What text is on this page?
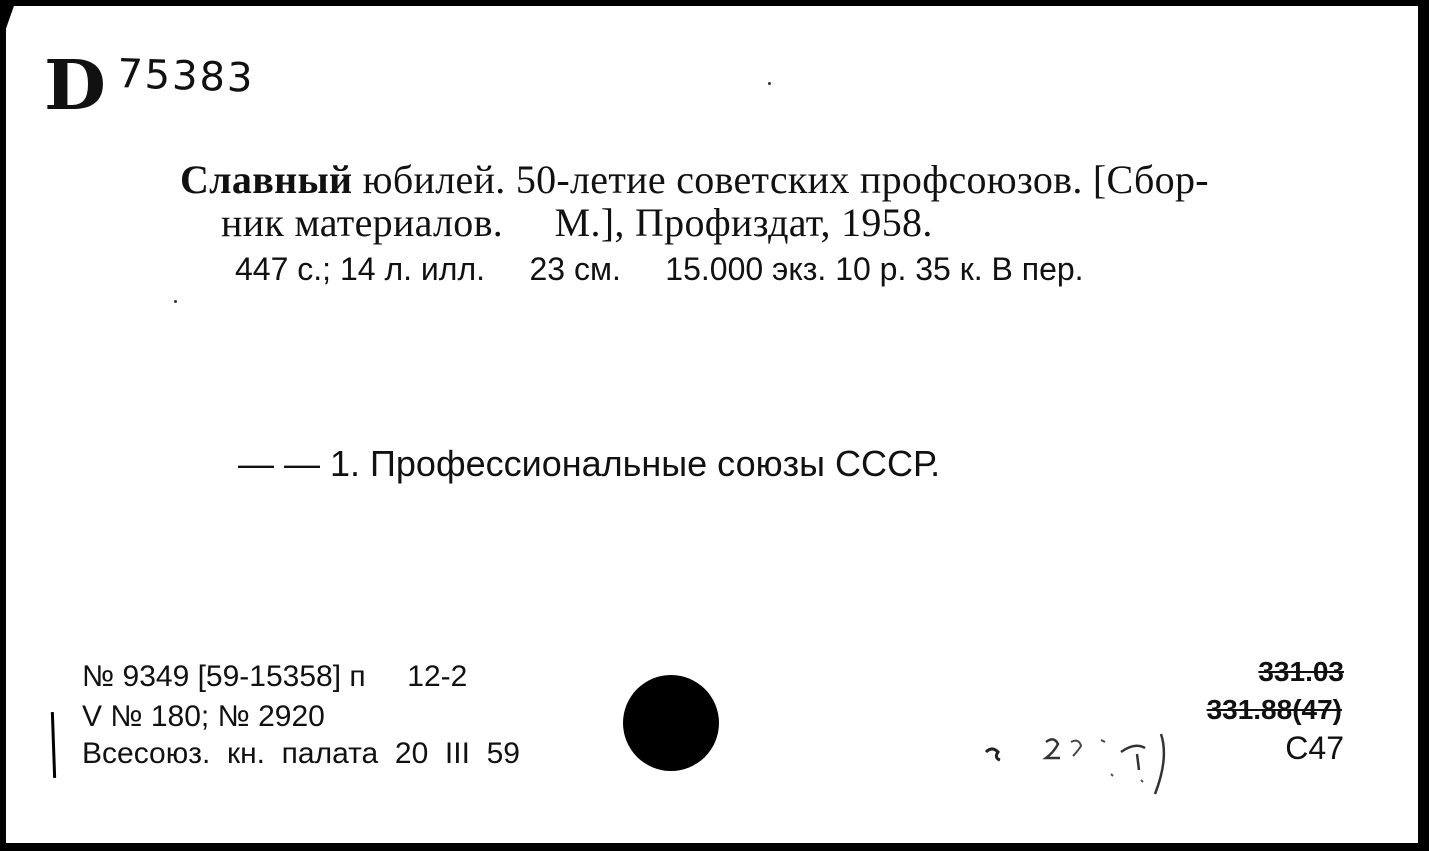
D 75383
Славный юбилей. 50-летие советских профсоюзов. [Сбор-
ник материалов.     М.], Профиздат, 1958.
447 с.; 14 л. илл.     23 см.     15.000 экз. 10 р. 35 к. В пер.
— — 1. Профессиональные союзы СССР.
№ 9349 [59-15358] п     12-2
V № 180; № 2920
Всесоюз.  кн.  палата  20  III  59
331.03
331.88(47)
С47
